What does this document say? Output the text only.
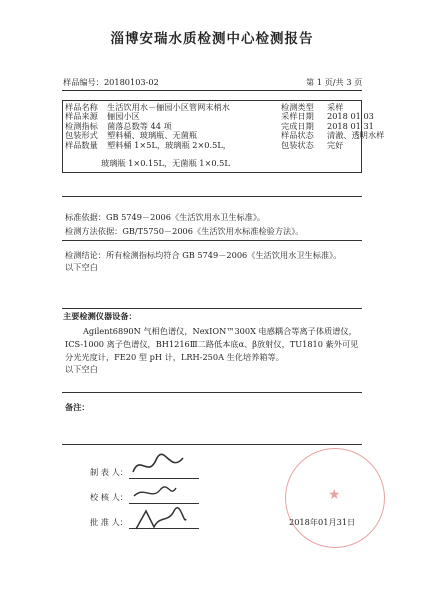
淄博安瑞水质检测中心检测报告
样品编号：20180103-02	第 1 页/共 3 页
样品名称	生活饮用水－俪园小区管网末梢水	检测类型	采样
样品来源	俪园小区	采样日期	2018 01 03
检测指标	菌落总数等 44 项	完成日期	2018 01 31
包装形式	塑料桶、玻璃瓶、无菌瓶	样品状态	清澈、透明水样
样品数量	塑料桶 1×5L，玻璃瓶 2×0.5L，	包装状态	完好
玻璃瓶 1×0.15L，无菌瓶 1×0.5L
标准依据：GB 5749－2006《生活饮用水卫生标准》。
检测方法依据：GB/T5750－2006《生活饮用水标准检验方法》。
检测结论：所有检测指标均符合 GB 5749－2006《生活饮用水卫生标准》。
以下空白
主要检测仪器设备：
Agilent6890N 气相色谱仪，NexION™300X 电感耦合等离子体质谱仪，
ICS-1000 离子色谱仪，BH1216Ⅲ二路低本底α、β放射仪，TU1810 紫外可见
分光光度计，FE20 型 pH 计，LRH-250A 生化培养箱等。
以下空白
备注：
制 表 人：
校 核 人：
批 准 人： ★	2018年01月31日
